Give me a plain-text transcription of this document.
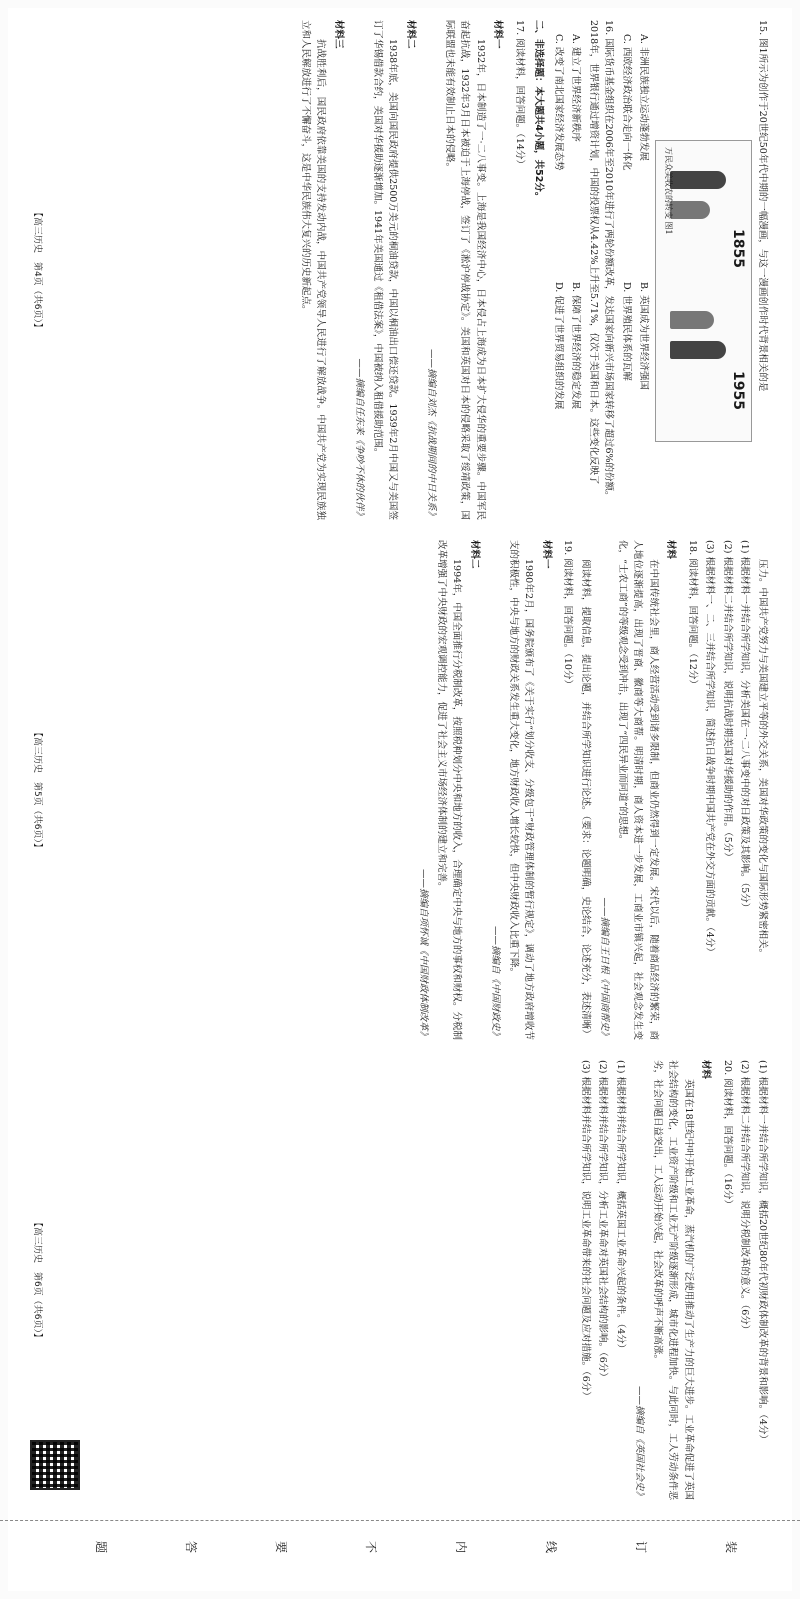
15. 图1所示为创作于20世纪50年代中期的一幅漫画，与这一漫画创作时代背景相关的是

1855
1955
万民众美收农的转变 图1
A. 非洲民族独立运动蓬勃发展
B. 英国成为世界经济强国
C. 西欧经济政治联合走向一体化
D. 世界殖民体系的瓦解

16. 国际货币基金组织在2006年至2010年进行了两轮份额改革，发达国家向新兴市场国家转移了超过6%的份额。2018年，世界银行通过增资计划，中国的投票权从4.42%上升至5.71%，仅次于美国和日本。这些变化反映了

A. 建立了世界经济新秩序
B. 保障了世界经济的稳定发展
C. 改变了南北国家经济发展态势
D. 促进了世界贸易组织的发展

二、非选择题：本大题共4小题，共52分。

17. 阅读材料，回答问题。（14分）

材料一

1932年，日本制造了一·二八事变。上海是我国经济中心，日本侵占上海成为日本扩大侵华的重要步骤。中国军民奋起抗战，1932年3月日本被迫于上海停战，签订了《淞沪停战协定》。美国和英国对日本的侵略采取了绥靖政策，国际联盟也未能有效制止日本的侵略。

——摘编自刘杰《抗战期间的中日关系》

材料二

1938年底，美国向国民政府提供2500万美元的桐油贷款，中国以桐油出口偿还贷款。1939年2月中国又与美国签订了华锡借款合约，美国对华援助逐渐增加。1941年美国通过《租借法案》，中国被纳入租借援助范围。

——摘编自任东来《争吵不休的伙伴》

材料三

抗战胜利后，国民政府依靠美国的支持发动内战，中国共产党领导人民进行了解放战争。中国共产党为实现民族独立和人民解放进行了不懈奋斗，这是中华民族伟大复兴的历史新起点。

【高三历史　第4页（共6页）】

压力。中国共产党努力与美国建立平等的外交关系，美国对华政策的变化与国际形势紧密相关。

(1) 根据材料一并结合所学知识，分析美国在一·二八事变中的对日政策及其影响。（5分）

(2) 根据材料二并结合所学知识，说明抗战时期美国对华援助的作用。（5分）

(3) 根据材料一、二、三并结合所学知识，简述抗日战争时期中国共产党在外交方面的贡献。（4分）

18. 阅读材料，回答问题。（12分）

材料

在中国传统社会里，商人经营活动受到诸多限制，但商业仍然得到一定发展。宋代以后，随着商品经济的繁荣，商人地位逐渐提高，出现了晋商、徽商等大商帮。明清时期，商人资本进一步发展，工商业市镇兴起，社会观念发生变化，“士农工商”的等级观念受到冲击，出现了“四民异业而同道”的思想。

——摘编自王日根《中国商帮史》

阅读材料，提取信息，提出论题，并结合所学知识进行论述。（要求：论题明确，史论结合，论述充分，表述清晰）

19. 阅读材料，回答问题。（10分）

材料一

1980年2月，国务院颁布了《关于实行“划分收支、分级包干”财政管理体制的暂行规定》，调动了地方政府增收节支的积极性，中央与地方的财政关系发生重大变化，地方财政收入增长较快，但中央财政收入比重下降。

——摘编自《中国财政史》

材料二

1994年，中国全面推行分税制改革，按照税种划分中央和地方的收入，合理确定中央与地方的事权和财权。分税制改革增强了中央财政的宏观调控能力，促进了社会主义市场经济体制的建立和完善。

——摘编自项怀诚《中国财政体制改革》

【高三历史　第5页（共6页）】

(1) 根据材料一并结合所学知识，概括20世纪80年代初财政体制改革的背景和影响。（4分）

(2) 根据材料二并结合所学知识，说明分税制改革的意义。（6分）

20. 阅读材料，回答问题。（16分）

材料

英国在18世纪中叶开始工业革命，蒸汽机的广泛使用推动了生产力的巨大进步。工业革命促进了英国社会结构的变化，工业资产阶级和工业无产阶级逐渐形成，城市化进程加快。与此同时，工人劳动条件恶劣，社会问题日益突出，工人运动开始兴起，社会改革的呼声不断高涨。

——摘编自《英国社会史》

(1) 根据材料并结合所学知识，概括英国工业革命兴起的条件。（4分）

(2) 根据材料并结合所学知识，分析工业革命对英国社会结构的影响。（6分）

(3) 根据材料并结合所学知识，说明工业革命带来的社会问题及应对措施。（6分）

【高三历史　第6页（共6页）】
装
订
线
内
不
要
答
题
